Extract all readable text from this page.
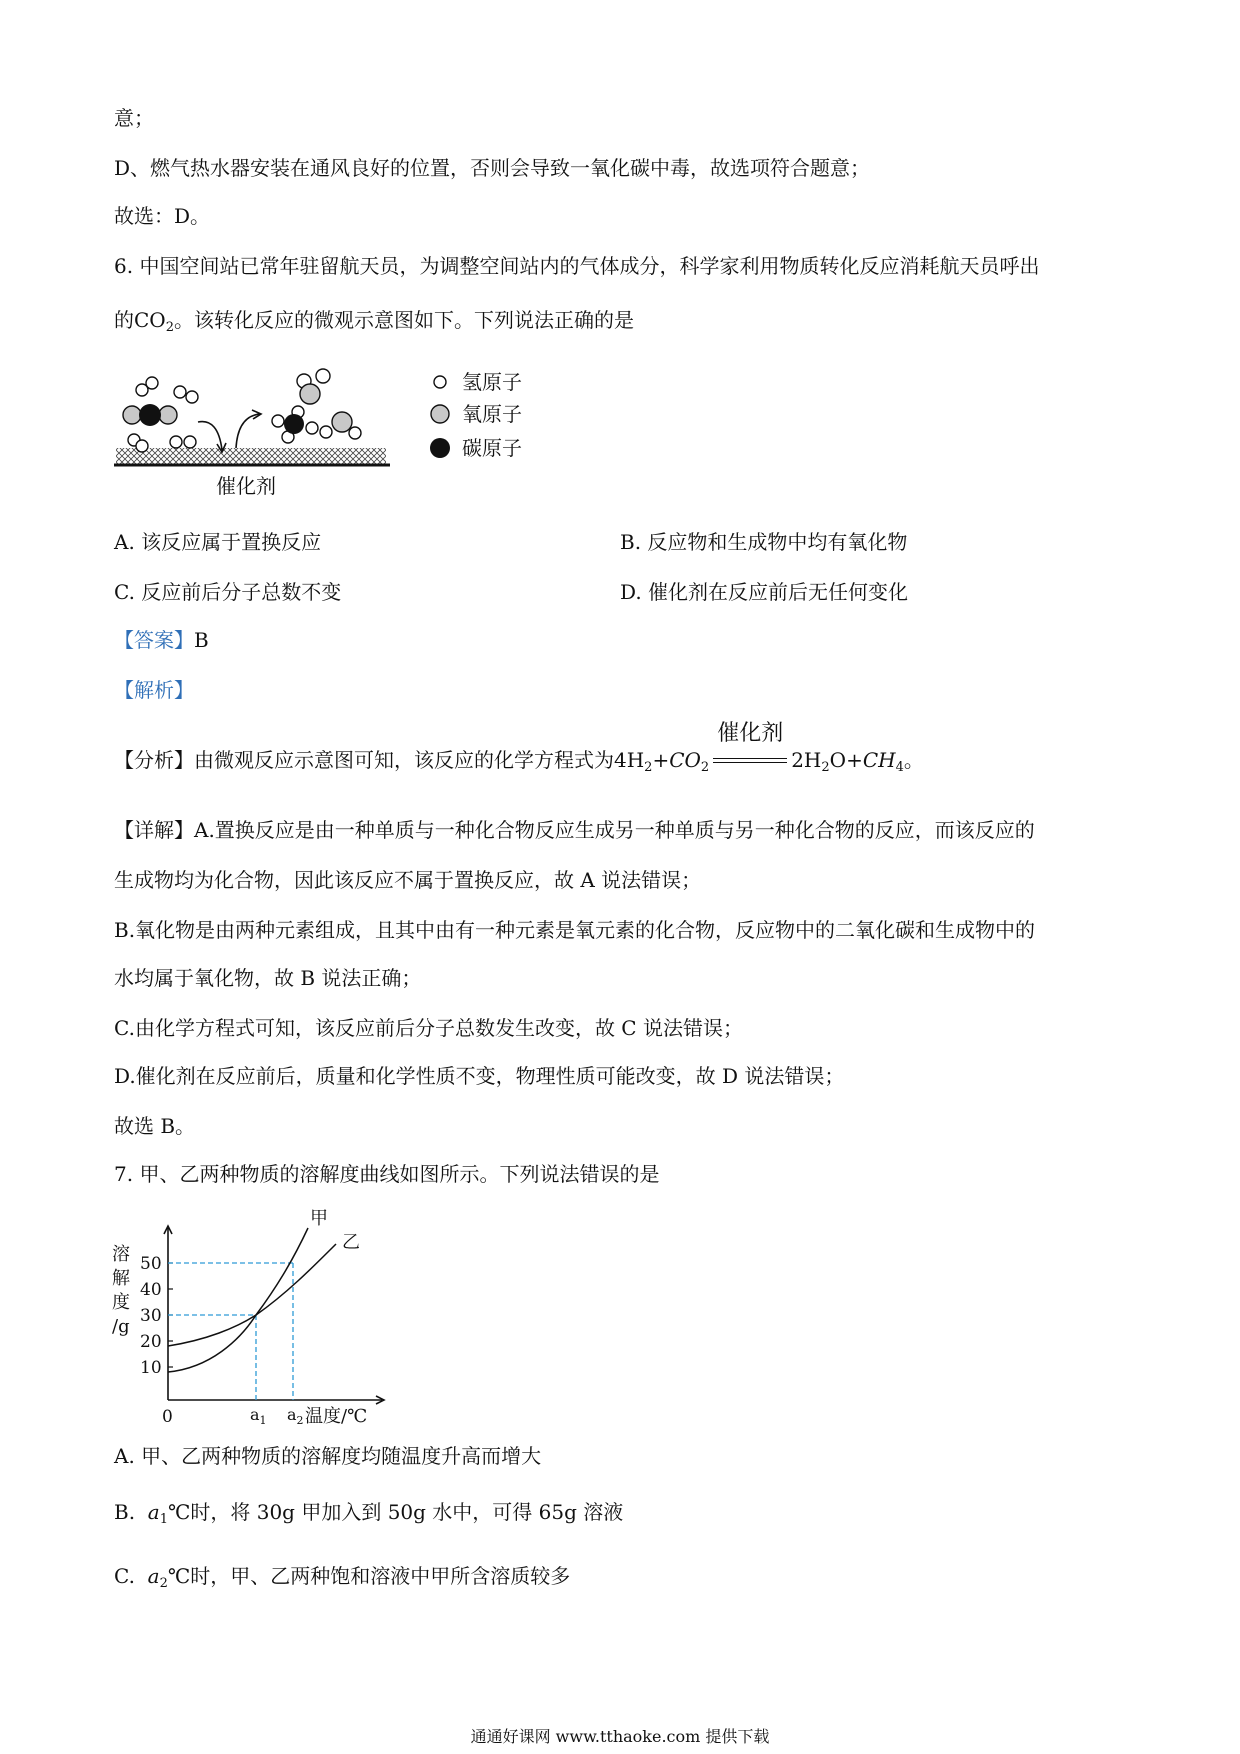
意；
D、燃气热水器安装在通风良好的位置，否则会导致一氧化碳中毒，故选项符合题意；
故选：D。
6. 中国空间站已常年驻留航天员，为调整空间站内的气体成分，科学家利用物质转化反应消耗航天员呼出
的$CO_2$。该转化反应的微观示意图如下。下列说法正确的是
催化剂
氢原子
氧原子
碳原子
A. 该反应属于置换反应	B. 反应物和生成物中均有氧化物
C. 反应前后分子总数不变	D. 催化剂在反应前后无任何变化
【答案】B
【解析】
【分析】由微观反应示意图可知，该反应的化学方程式为$4H_2+CO_2$
催化剂
$2H_2O+CH_4$。
【详解】A.置换反应是由一种单质与一种化合物反应生成另一种单质与另一种化合物的反应，而该反应的
生成物均为化合物，因此该反应不属于置换反应，故 A 说法错误；
B.氧化物是由两种元素组成，且其中由有一种元素是氧元素的化合物，反应物中的二氧化碳和生成物中的
水均属于氧化物，故 B 说法正确；
C.由化学方程式可知，该反应前后分子总数发生改变，故 C 说法错误；
D.催化剂在反应前后，质量和化学性质不变，物理性质可能改变，故 D 说法错误；
故选 B。
7. 甲、乙两种物质的溶解度曲线如图所示。下列说法错误的是
甲
乙
10
20
30
40
50
溶
解
度
/g
0	$a_1$ $a_2$ 温度/℃
A. 甲、乙两种物质的溶解度均随温度升高而增大
B. $a_1℃$时，将 30g 甲加入到 50g 水中，可得 65g 溶液
C. $a_2℃$时，甲、乙两种饱和溶液中甲所含溶质较多
通通好课网 www.tthaoke.com 提供下载
